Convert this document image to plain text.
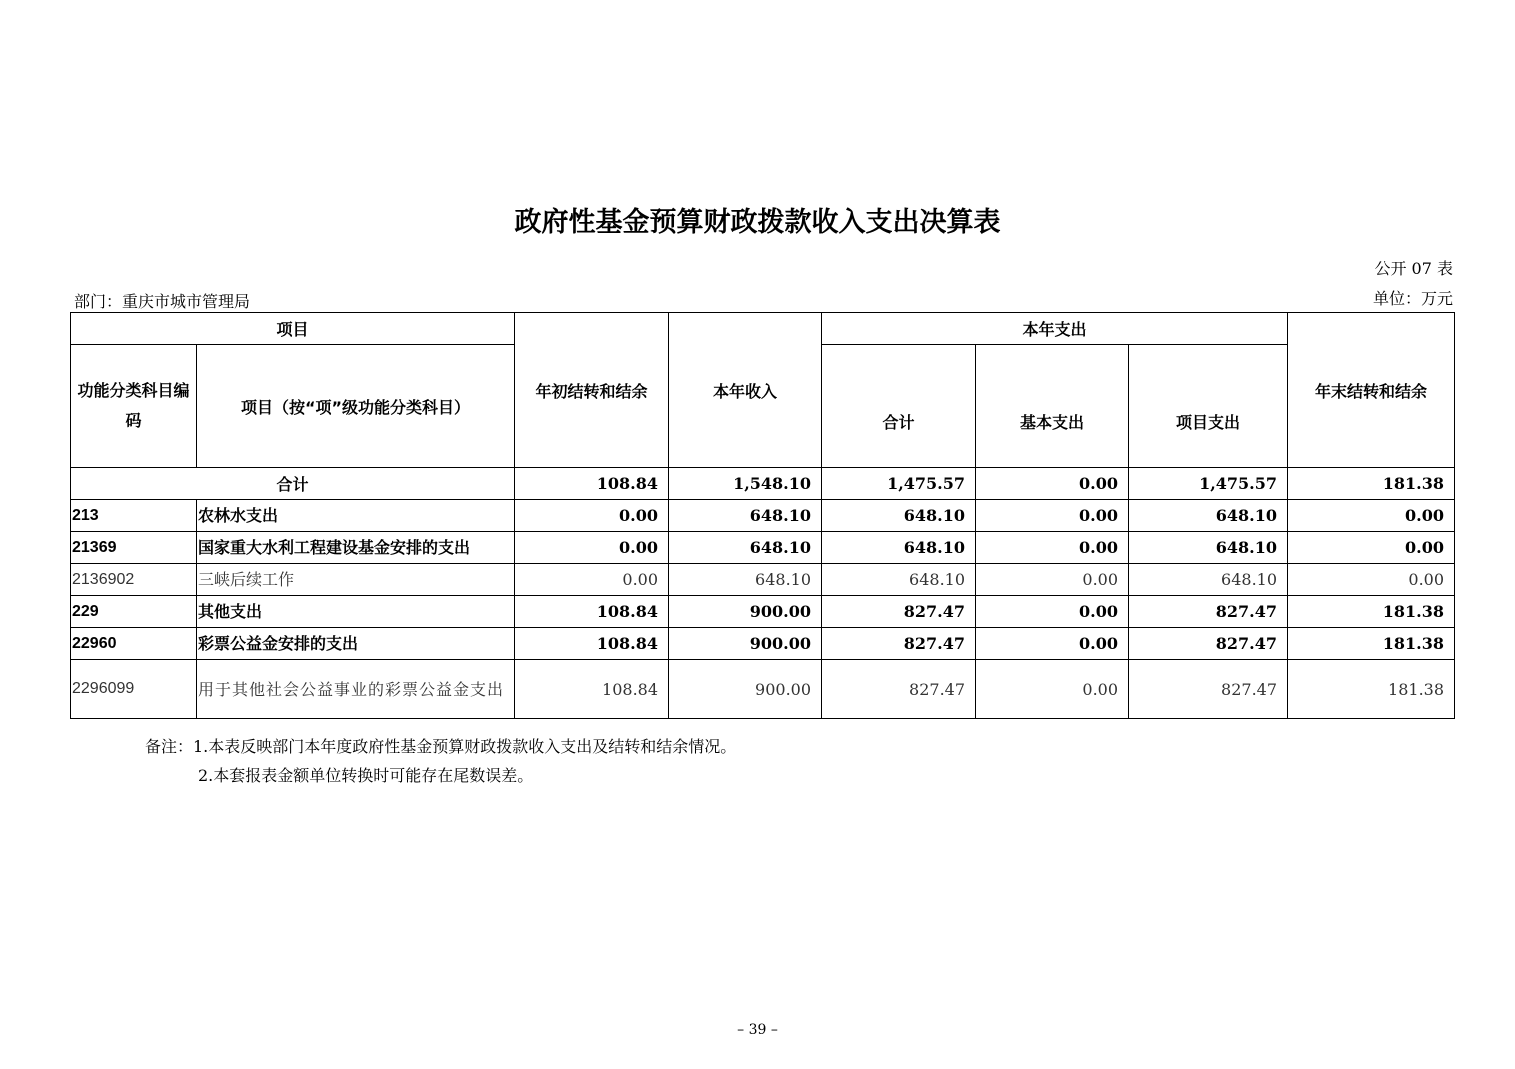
政府性基金预算财政拨款收入支出决算表
公开 07 表
部门：重庆市城市管理局	单位：万元
项目		年初结转和结余	本年收入	本年支出			年末结转和结余
功能分类科目编码	项目（按“项”级功能分类科目）			合计	基本支出	项目支出	
合计		108.84	1,548.10	1,475.57	0.00	1,475.57	181.38
213	农林水支出	0.00	648.10	648.10	0.00	648.10	0.00
21369	国家重大水利工程建设基金安排的支出	0.00	648.10	648.10	0.00	648.10	0.00
2136902	三峡后续工作	0.00	648.10	648.10	0.00	648.10	0.00
229	其他支出	108.84	900.00	827.47	0.00	827.47	181.38
22960	彩票公益金安排的支出	108.84	900.00	827.47	0.00	827.47	181.38
2296099	用于其他社会公益事业的彩票公益金支出	108.84	900.00	827.47	0.00	827.47	181.38
备注：1.本表反映部门本年度政府性基金预算财政拨款收入支出及结转和结余情况。
2.本套报表金额单位转换时可能存在尾数误差。
– 39 –
